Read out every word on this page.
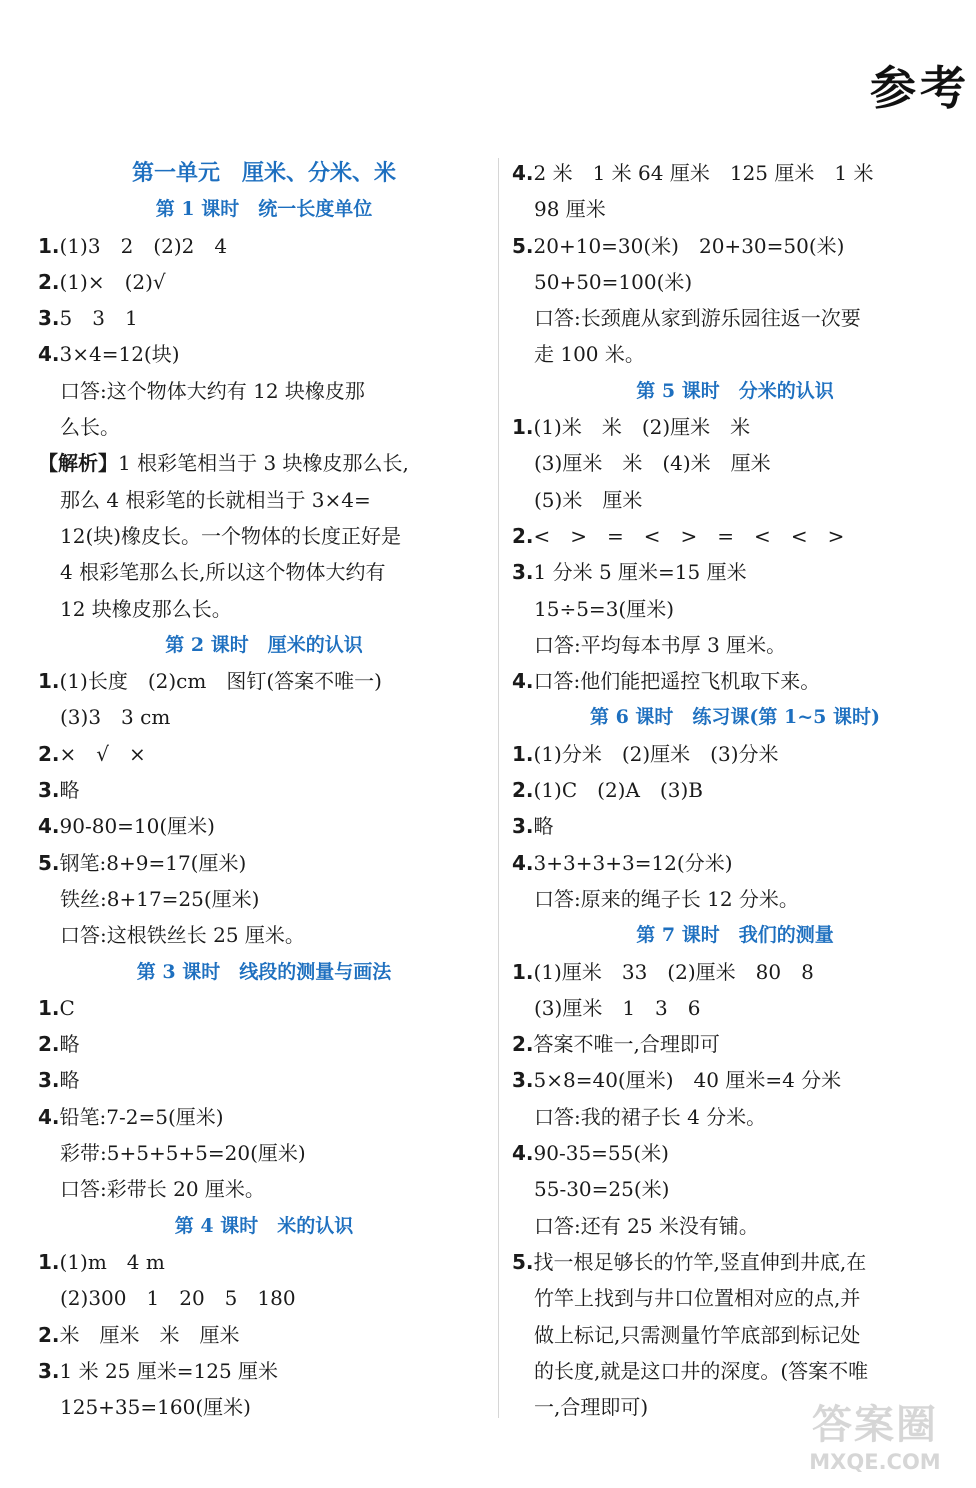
参考
第一单元　厘米、分米、米
第 1 课时　统一长度单位
1.(1)3　2　(2)2　4
2.(1)×　(2)√
3.5　3　1
4.3×4=12(块)
口答:这个物体大约有 12 块橡皮那
么长。
【解析】1 根彩笔相当于 3 块橡皮那么长,
那么 4 根彩笔的长就相当于 3×4=
12(块)橡皮长。一个物体的长度正好是
4 根彩笔那么长,所以这个物体大约有
12 块橡皮那么长。
第 2 课时　厘米的认识
1.(1)长度　(2)cm　图钉(答案不唯一)
(3)3　3 cm
2.×　√　×
3.略
4.90-80=10(厘米)
5.钢笔:8+9=17(厘米)
铁丝:8+17=25(厘米)
口答:这根铁丝长 25 厘米。
第 3 课时　线段的测量与画法
1.C
2.略
3.略
4.铅笔:7-2=5(厘米)
彩带:5+5+5+5=20(厘米)
口答:彩带长 20 厘米。
第 4 课时　米的认识
1.(1)m　4 m
(2)300　1　20　5　180
2.米　厘米　米　厘米
3.1 米 25 厘米=125 厘米
125+35=160(厘米)
4.2 米　1 米 64 厘米　125 厘米　1 米
98 厘米
5.20+10=30(米)　20+30=50(米)
50+50=100(米)
口答:长颈鹿从家到游乐园往返一次要
走 100 米。
第 5 课时　分米的认识
1.(1)米　米　(2)厘米　米
(3)厘米　米　(4)米　厘米
(5)米　厘米
2.<　>　=　<　>　=　<　<　>
3.1 分米 5 厘米=15 厘米
15÷5=3(厘米)
口答:平均每本书厚 3 厘米。
4.口答:他们能把遥控飞机取下来。
第 6 课时　练习课(第 1~5 课时)
1.(1)分米　(2)厘米　(3)分米
2.(1)C　(2)A　(3)B
3.略
4.3+3+3+3=12(分米)
口答:原来的绳子长 12 分米。
第 7 课时　我们的测量
1.(1)厘米　33　(2)厘米　80　8
(3)厘米　1　3　6
2.答案不唯一,合理即可
3.5×8=40(厘米)　40 厘米=4 分米
口答:我的裙子长 4 分米。
4.90-35=55(米)
55-30=25(米)
口答:还有 25 米没有铺。
5.找一根足够长的竹竿,竖直伸到井底,在
竹竿上找到与井口位置相对应的点,并
做上标记,只需测量竹竿底部到标记处
的长度,就是这口井的深度。(答案不唯
一,合理即可)	答案圈
MXQE.COM
